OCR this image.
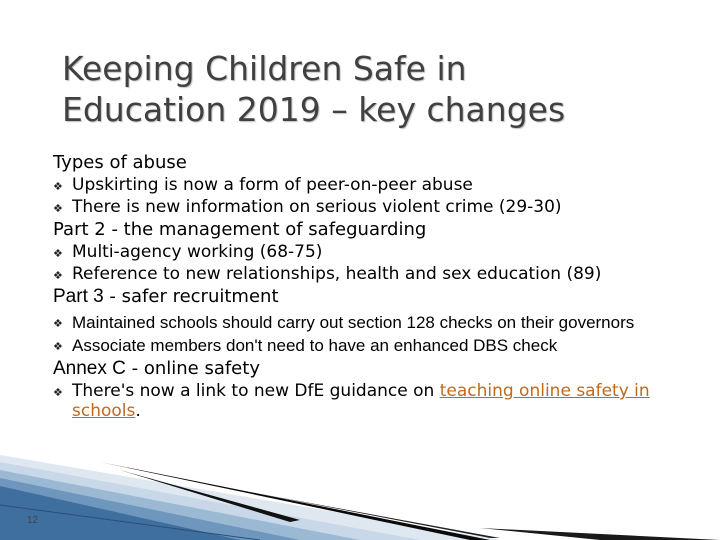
Keeping Children Safe in
Education 2019 – key changes

Types of abuse

❖ Upskirting is now a form of peer-on-peer abuse
❖ There is new information on serious violent crime (29-30)

Part 2 - the management of safeguarding

❖ Multi-agency working (68-75)
❖ Reference to new relationships, health and sex education (89)

Part 3 - safer recruitment

❖ Maintained schools should carry out section 128 checks on their governors
❖ Associate members don't need to have an enhanced DBS check

Annex C - online safety

❖ There's now a link to new DfE guidance on teaching online safety in schools.
12
